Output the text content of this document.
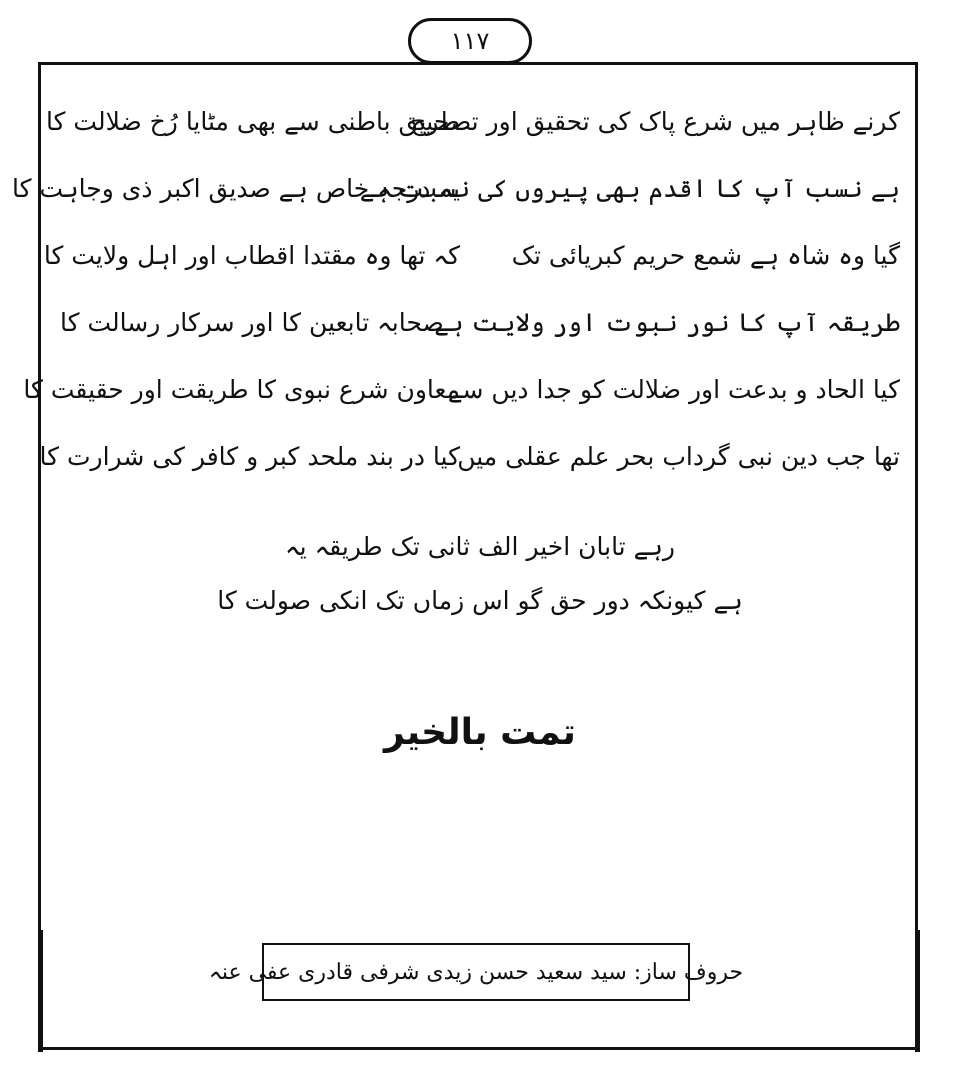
۱۱۷
کرنے ظاہر میں شرع پاک کی تحقیق اور تصحیح
طریق باطنی سے بھی مٹایا رُخ ضلالت کا
ہے نسب آپ کا اقدم بھی پیروں کی نسبت ہے
یہ درجہ خاص ہے صدیق اکبر ذی وجاہت کا
گیا وہ شاہ ہے شمع حریم کبریائی تک
کہ تھا وہ مقتدا اقطاب اور اہل ولایت کا
طریقہ آپ کا نور نبوت اور ولایت ہے
صحابہ تابعین کا اور سرکار رسالت کا
کیا الحاد و بدعت اور ضلالت کو جدا دیں سے
معاون شرع نبوی کا طریقت اور حقیقت کا
تھا جب دین نبی گرداب بحر علم عقلی میں
کیا در بند ملحد کبر و کافر کی شرارت کا
رہے تابان اخیر الف ثانی تک طریقہ یہ
ہے کیونکہ دور حق گو اس زماں تک انکی صولت کا
تمت بالخیر
حروف ساز: سید سعید حسن زیدی شرفی قادری عفی عنہ
